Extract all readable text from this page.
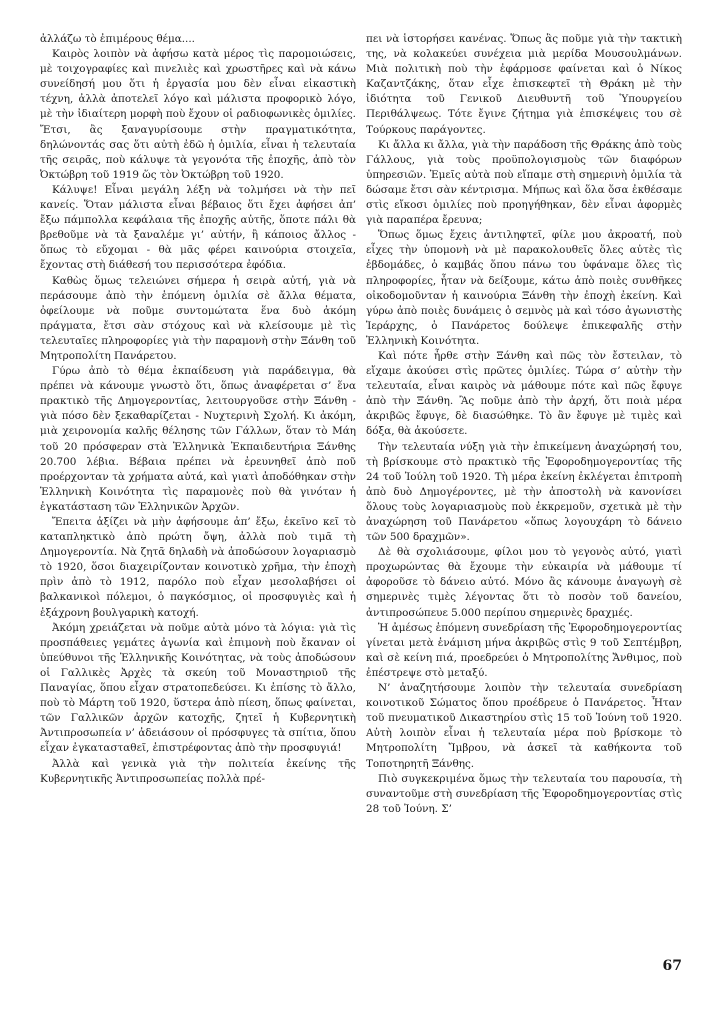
ἀλλάζω τὸ ἐπιμέρους θέμα....

Καιρὸς λοιπὸν νὰ ἀφήσω κατὰ μέρος τὶς παρομοιώσεις, μὲ τοιχογραφίες καὶ πινελιὲς καὶ χρωστῆρες καὶ νὰ κάνω συνείδησή μου ὅτι ἡ ἐργασία μου δὲν εἶναι εἰκαστικὴ τέχνη, ἀλλὰ ἀποτελεῖ λόγο καὶ μάλιστα προφορικὸ λόγο, μὲ τὴν ἰδιαίτερη μορφὴ ποὺ ἔχουν οἱ ραδιοφωνικὲς ὁμιλίες. Ἔτσι, ἂς ξαναγυρίσουμε στὴν πραγματικότητα, δηλώνοντάς σας ὅτι αὐτὴ ἐδῶ ἡ ὁμιλία, εἶναι ἡ τελευταία τῆς σειρᾶς, ποὺ κάλυψε τὰ γεγονότα τῆς ἐποχῆς, ἀπὸ τὸν Ὀκτώβρη τοῦ 1919 ὥς τὸν Ὀκτώβρη τοῦ 1920.

Κάλυψε! Εἶναι μεγάλη λέξη νὰ τολμήσει νὰ τὴν πεῖ κανείς. Ὅταν μάλιστα εἶναι βέβαιος ὅτι ἔχει ἀφήσει ἀπ’ ἔξω πάμπολλα κεφάλαια τῆς ἐποχῆς αὐτῆς, ὅποτε πάλι θὰ βρεθοῦμε νὰ τὰ ξαναλέμε γι’ αὐτήν, ἢ κάποιος ἄλλος - ὅπως τὸ εὔχομαι - θὰ μᾶς φέρει καινούρια στοιχεῖα, ἔχοντας στὴ διάθεσή του περισσότερα ἐφόδια.

Καθὼς ὅμως τελειώνει σήμερα ἡ σειρὰ αὐτή, γιὰ νὰ περάσουμε ἀπὸ τὴν ἑπόμενη ὁμιλία σὲ ἄλλα θέματα, ὀφείλουμε νὰ ποῦμε συντομώτατα ἕνα δυὸ ἀκόμη πράγματα, ἔτσι σὰν στόχους καὶ νὰ κλείσουμε μὲ τὶς τελευταῖες πληροφορίες γιὰ τὴν παραμονὴ στὴν Ξάνθη τοῦ Μητροπολίτη Πανάρετου.

Γύρω ἀπὸ τὸ θέμα ἐκπαίδευση γιὰ παράδειγμα, θὰ πρέπει νὰ κάνουμε γνωστὸ ὅτι, ὅπως ἀναφέρεται σ’ ἕνα πρακτικὸ τῆς Δημογεροντίας, λειτουργοῦσε στὴν Ξάνθη - γιὰ πόσο δὲν ξεκαθαρίζεται - Νυχτερινὴ Σχολή. Κι ἀκόμη, μιὰ χειρονομία καλῆς θέλησης τῶν Γάλλων, ὅταν τὸ Μάη τοῦ 20 πρόσφεραν στὰ Ἑλληνικὰ Ἐκπαιδευτήρια Ξάνθης 20.700 λέβια. Βέβαια πρέπει νὰ ἐρευνηθεῖ ἀπὸ ποῦ προέρχονταν τὰ χρήματα αὐτά, καὶ γιατὶ ἀποδόθηκαν στὴν Ἑλληνικὴ Κοινότητα τὶς παραμονὲς ποὺ θὰ γινόταν ἡ ἐγκατάσταση τῶν Ἑλληνικῶν Ἀρχῶν.

Ἔπειτα ἀξίζει νὰ μὴν ἀφήσουμε ἀπ’ ἔξω, ἐκεῖνο κεῖ τὸ καταπληκτικὸ ἀπὸ πρώτη ὄψη, ἀλλὰ ποὺ τιμᾶ τὴ Δημογεροντία. Νὰ ζητᾶ δηλαδὴ νὰ ἀποδώσουν λογαριασμὸ τὸ 1920, ὅσοι διαχειρίζονταν κοινοτικὸ χρῆμα, τὴν ἐποχὴ πρὶν ἀπὸ τὸ 1912, παρόλο ποὺ εἶχαν μεσολαβήσει οἱ βαλκανικοὶ πόλεμοι, ὁ παγκόσμιος, οἱ προσφυγιὲς καὶ ἡ ἑξάχρονη βουλγαρικὴ κατοχή.

Ἀκόμη χρειάζεται νὰ ποῦμε αὐτὰ μόνο τὰ λόγια: γιὰ τὶς προσπάθειες γεμάτες ἀγωνία καὶ ἐπιμονὴ ποὺ ἔκαναν οἱ ὑπεύθυνοι τῆς Ἑλληνικῆς Κοινότητας, νὰ τοὺς ἀποδώσουν οἱ Γαλλικὲς Ἀρχὲς τὰ σκεύη τοῦ Μοναστηριοῦ τῆς Παναγίας, ὅπου εἶχαν στρατοπεδεύσει. Κι ἐπίσης τὸ ἄλλο, ποὺ τὸ Μάρτη τοῦ 1920, ὕστερα ἀπὸ πίεση, ὅπως φαίνεται, τῶν Γαλλικῶν ἀρχῶν κατοχῆς, ζητεῖ ἡ Κυβερνητικὴ Ἀντιπροσωπεία ν’ ἀδειάσουν οἱ πρόσφυγες τὰ σπίτια, ὅπου εἶχαν ἐγκατασταθεῖ, ἐπιστρέφοντας ἀπὸ τὴν προσφυγιά!

Ἀλλὰ καὶ γενικὰ γιὰ τὴν πολιτεία ἐκείνης τῆς Κυβερνητικῆς Ἀντιπροσωπείας πολλὰ πρέ-

πει νὰ ἱστορήσει κανένας. Ὅπως ἂς ποῦμε γιὰ τὴν τακτικὴ της, νὰ κολακεύει συνέχεια μιὰ μερίδα Μουσουλμάνων. Μιὰ πολιτικὴ ποὺ τὴν ἐφάρμοσε φαίνεται καὶ ὁ Νίκος Καζαντζάκης, ὅταν εἶχε ἐπισκεφτεῖ τὴ Θράκη μὲ τὴν ἰδιότητα τοῦ Γενικοῦ Διευθυντῆ τοῦ Ὑπουργείου Περιθάλψεως. Τότε ἔγινε ζήτημα γιὰ ἐπισκέψεις του σὲ Τούρκους παράγοντες.

Κι ἄλλα κι ἄλλα, γιὰ τὴν παράδοση τῆς Θράκης ἀπὸ τοὺς Γάλλους, γιὰ τοὺς προϋπολογισμοὺς τῶν διαφόρων ὑπηρεσιῶν. Ἐμεῖς αὐτὰ ποὺ εἴπαμε στὴ σημερινὴ ὁμιλία τὰ δώσαμε ἔτσι σὰν κέντρισμα. Μήπως καὶ ὅλα ὅσα ἐκθέσαμε στὶς εἴκοσι ὁμιλίες ποὺ προηγήθηκαν, δὲν εἶναι ἀφορμὲς γιὰ παραπέρα ἔρευνα;

Ὅπως ὅμως ἔχεις ἀντιληφτεῖ, φίλε μου ἀκροατή, ποὺ εἶχες τὴν ὑπομονὴ νὰ μὲ παρακολουθεῖς ὅλες αὐτὲς τὶς ἑβδομάδες, ὁ καμβάς ὅπου πάνω του ὑφάναμε ὅλες τὶς πληροφορίες, ἦταν νὰ δείξουμε, κάτω ἀπὸ ποιὲς συνθῆκες οἰκοδομοῦνταν ἡ καινούρια Ξάνθη τὴν ἐποχὴ ἐκείνη. Καὶ γύρω ἀπὸ ποιὲς δυνάμεις ὁ σεμνὸς μὰ καὶ τόσο ἀγωνιστὴς Ἱεράρχης, ὁ Πανάρετος δούλεψε ἐπικεφαλῆς στὴν Ἑλληνικὴ Κοινότητα.

Καὶ πότε ἦρθε στὴν Ξάνθη καὶ πῶς τὸν ἔστειλαν, τὸ εἴχαμε ἀκούσει στὶς πρῶτες ὁμιλίες. Τώρα σ’ αὐτὴν τὴν τελευταία, εἶναι καιρὸς νὰ μάθουμε πότε καὶ πῶς ἔφυγε ἀπὸ τὴν Ξάνθη. Ἂς ποῦμε ἀπὸ τὴν ἀρχή, ὅτι ποιὰ μέρα ἀκριβῶς ἔφυγε, δὲ διασώθηκε. Τὸ ἂν ἔφυγε μὲ τιμὲς καὶ δόξα, θὰ ἀκούσετε.

Τὴν τελευταία νύξη γιὰ τὴν ἐπικείμενη ἀναχώρησή του, τὴ βρίσκουμε στὸ πρακτικὸ τῆς Ἐφοροδημογεροντίας τῆς 24 τοῦ Ἰούλη τοῦ 1920. Τὴ μέρα ἐκείνη ἐκλέγεται ἐπιτροπὴ ἀπὸ δυὸ Δημογέροντες, μὲ τὴν ἀποστολὴ νὰ κανονίσει ὅλους τοὺς λογαριασμοὺς ποὺ ἐκκρεμοῦν, σχετικὰ μὲ τὴν ἀναχώρηση τοῦ Πανάρετου «ὅπως λογουχάρη τὸ δάνειο τῶν 500 δραχμῶν».

Δὲ θὰ σχολιάσουμε, φίλοι μου τὸ γεγονὸς αὐτό, γιατὶ προχωρώντας θὰ ἔχουμε τὴν εὐκαιρία νὰ μάθουμε τί ἀφοροῦσε τὸ δάνειο αὐτό. Μόνο ἂς κάνουμε ἀναγωγὴ σὲ σημερινὲς τιμὲς λέγοντας ὅτι τὸ ποσὸν τοῦ δανείου, ἀντιπροσώπευε 5.000 περίπου σημερινὲς δραχμές.

Ἡ ἀμέσως ἑπόμενη συνεδρίαση τῆς Ἐφοροδημογεροντίας γίνεται μετὰ ἑνάμιση μήνα ἀκριβῶς στὶς 9 τοῦ Σεπτέμβρη, καὶ σὲ κείνη πιά, προεδρεύει ὁ Μητροπολίτης Ἄνθιμος, ποὺ ἐπέστρεψε στὸ μεταξύ.

Ν’ ἀναζητήσουμε λοιπὸν τὴν τελευταία συνεδρίαση κοινοτικοῦ Σώματος ὅπου προέδρευε ὁ Πανάρετος. Ἦταν τοῦ πνευματικοῦ Δικαστηρίου στὶς 15 τοῦ Ἰούνη τοῦ 1920. Αὐτὴ λοιπὸν εἶναι ἡ τελευταία μέρα ποὺ βρίσκομε τὸ Μητροπολίτη Ἴμβρου, νὰ ἀσκεῖ τὰ καθήκοντα τοῦ Τοποτηρητῆ Ξάνθης.

Πιὸ συγκεκριμένα ὅμως τὴν τελευταία του παρουσία, τὴ συναντοῦμε στὴ συνεδρίαση τῆς Ἐφοροδημογεροντίας στὶς 28 τοῦ Ἰούνη. Σ’

67
